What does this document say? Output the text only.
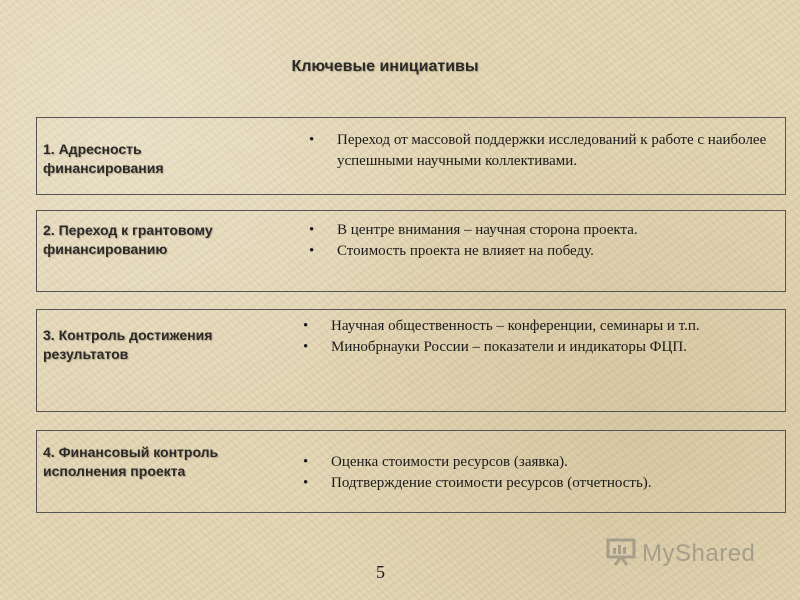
Ключевые инициативы
1. Адресность
финансирования
• Переход от массовой поддержки исследований к работе с наиболее успешными научными коллективами.
2. Переход к грантовому
финансированию
• В центре внимания – научная сторона проекта.
• Стоимость проекта не влияет на победу.
3. Контроль достижения
результатов
• Научная общественность – конференции, семинары и т.п.
• Минобрнауки России – показатели и индикаторы ФЦП.
4. Финансовый контроль
исполнения проекта
• Оценка стоимости ресурсов (заявка).
• Подтверждение стоимости ресурсов (отчетность).
5
MyShared
